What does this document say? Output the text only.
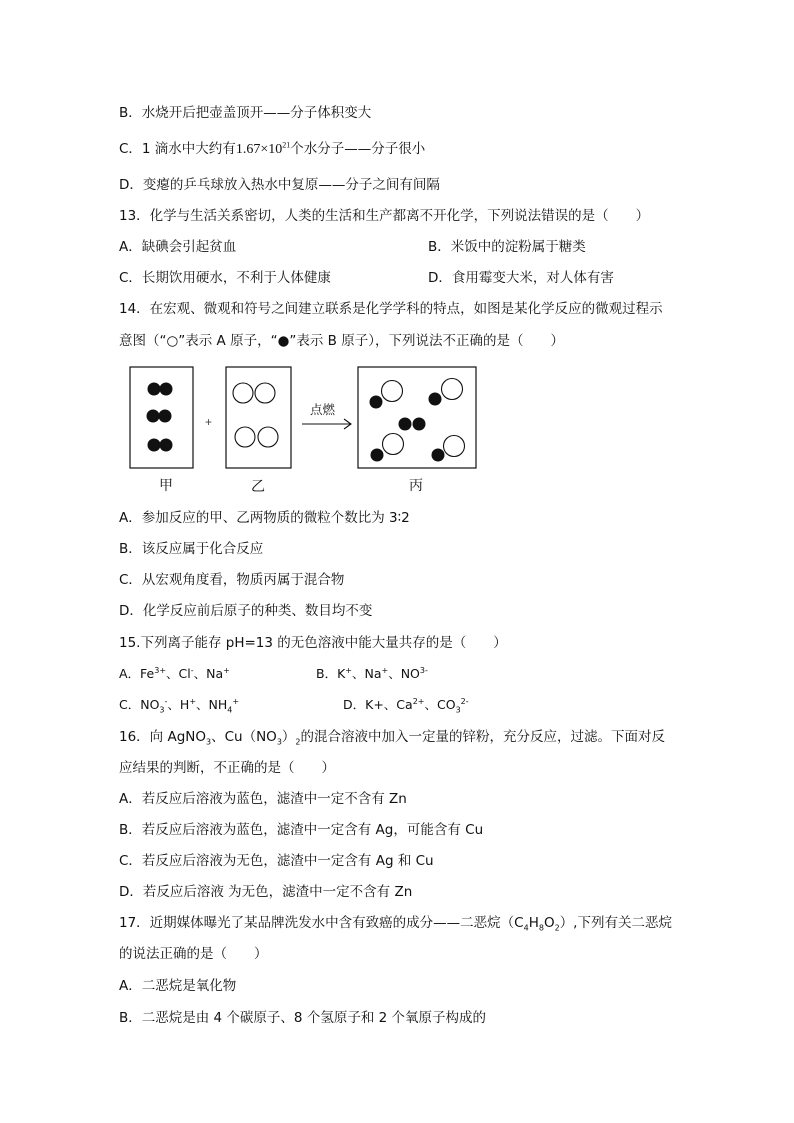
B．水烧开后把壶盖顶开——分子体积变大
C．1 滴水中大约有$1.67\times 10^{21}$个水分子——分子很小
D．变瘪的乒乓球放入热水中复原——分子之间有间隔
13．化学与生活关系密切，人类的生活和生产都离不开化学，下列说法错误的是（　　）
A．缺碘会引起贫血	B．米饭中的淀粉属于糖类
C．长期饮用硬水，不利于人体健康	D．食用霉变大米，对人体有害
14．在宏观、微观和符号之间建立联系是化学学科的特点，如图是某化学反应的微观过程示
意图（“○”表示 A 原子，“●”表示 B 原子），下列说法不正确的是（　　）
+
点燃
甲	乙	丙
A．参加反应的甲、乙两物质的微粒个数比为 3∶2
B．该反应属于化合反应
C．从宏观角度看，物质丙属于混合物
D．化学反应前后原子的种类、数目均不变
15.下列离子能存 pH=13 的无色溶液中能大量共存的是（　　）
A．$Fe^{3+}$、Cl-、Na+	B．K+、Na+、$NO^{3-}$
C．$NO_3^-$、H+、$NH_4^+$	D．K+、$Ca^{2+}$、$CO_3^{2-}$
16．向 AgNO$_3$、$Cu(NO_3)_2$的混合溶液中加入一定量的锌粉，充分反应，过滤。下面对反
应结果的判断，不正确的是（　　）
A．若反应后溶液为蓝色，滤渣中一定不含有 Zn
B．若反应后溶液为蓝色，滤渣中一定含有 Ag，可能含有 Cu
C．若反应后溶液为无色，滤渣中一定含有 Ag 和 Cu
D．若反应后溶液 为无色，滤渣中一定不含有 Zn
17．近期媒体曝光了某品牌洗发水中含有致癌的成分——二恶烷$(C_4H_8O_2)$,下列有关二恶烷
的说法正确的是（　　）
A．二恶烷是氧化物
B．二恶烷是由 4 个碳原子、8 个氢原子和 2 个氧原子构成的
